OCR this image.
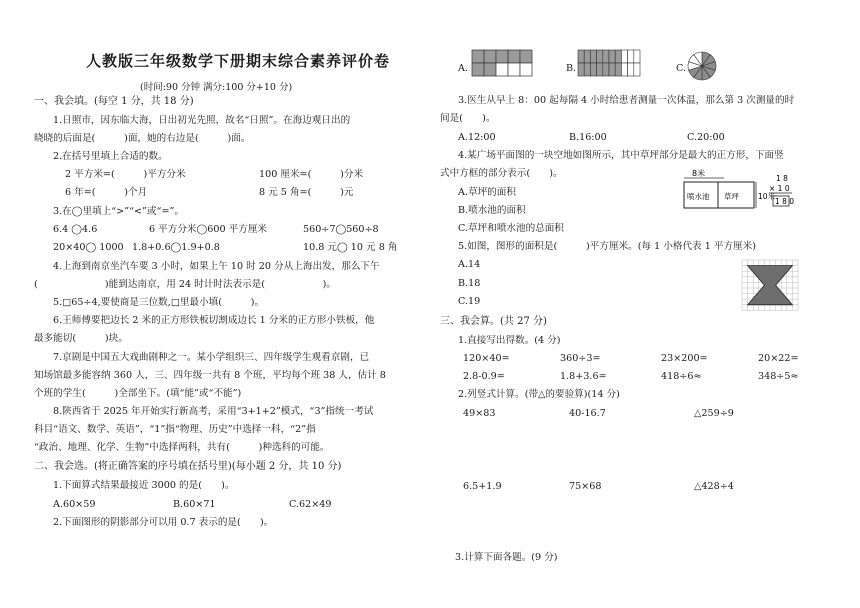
人教版三年级数学下册期末综合素养评价卷
(时间:90 分钟 满分:100 分+10 分)
一、我会填。(每空 1 分，共 18 分)
1.日照市，因东临大海，日出初光先照，故名“日照”。在海边观日出的
晓晓的后面是(　　　)面，她的右边是(　　　)面。
2.在括号里填上合适的数。
2 平方米=(　　　)平方分米	100 厘米=(　　　)分米
6 年=(　　　)个月	8 元 5 角=(　　　)元
3.在◯里填上“>”“<”或“=”。
6.4 ◯4.6	6 平方分米◯600 平方厘米	560÷7◯560÷8
20×40◯ 1000 1.8+0.6◯1.9+0.8	10.8 元◯ 10 元 8 角
4.上海到南京坐汽车要 3 小时，如果上午 10 时 20 分从上海出发，那么下午
(　　　　　　　)能到达南京，用 24 时计时法表示是(　　　　　　)。
5.□65÷4,要使商是三位数,□里最小填(　　　)。
6.王师傅要把边长 2 米的正方形铁板切割成边长 1 分米的正方形小铁板，他
最多能切(　　　)块。
7.京剧是中国五大戏曲剧种之一。某小学组织三、四年级学生观看京剧，已
知场馆最多能容纳 360 人，三、四年级一共有 8 个班，平均每个班 38 人，估计 8
个班的学生(　　　)全部坐下。(填“能”或“不能”)
8.陕西省于 2025 年开始实行新高考，采用“3+1+2”模式，“3”指统一考试
科目“语文、数学、英语”，“1”指“物理、历史”中选择一科，“2”指
“政治、地理、化学、生物”中选择两科，共有(　　　)种选科的可能。
二、我会选。(将正确答案的序号填在括号里)(每小题 2 分，共 10 分)
1.下面算式结果最接近 3000 的是(　　)。
A.60×59	B.60×71	C.62×49
2.下面图形的阴影部分可以用 0.7 表示的是(　　)。
A.	B.	C.
3.医生从早上 8：00 起每隔 4 小时给患者测量一次体温，那么第 3 次测量的时
间是(　　)。
A.12:00	B.16:00	C.20:00
4.某广场平面图的一块空地如图所示，其中草坪部分是最大的正方形，下面竖
式中方框的部分表示(　　)。
A.草坪的面积
B.喷水池的面积
C.草坪和喷水池的总面积
8米
喷水池 草坪	10米
1 8
× 1 0
1 8 0
5.如图，图形的面积是(　　　)平方厘米。(每 1 小格代表 1 平方厘米)
A.14
B.18
C.19
三、我会算。(共 27 分)
1.直接写出得数。(4 分)
120×40=	360÷3=	23×200=	20×22=
2.8-0.9=	1.8+3.6=	418÷6≈	348÷5≈
2.列竖式计算。(带△的要验算)(14 分)
49×83	40-16.7	△259÷9
6.5+1.9	75×68	△428÷4
3.计算下面各题。(9 分)
